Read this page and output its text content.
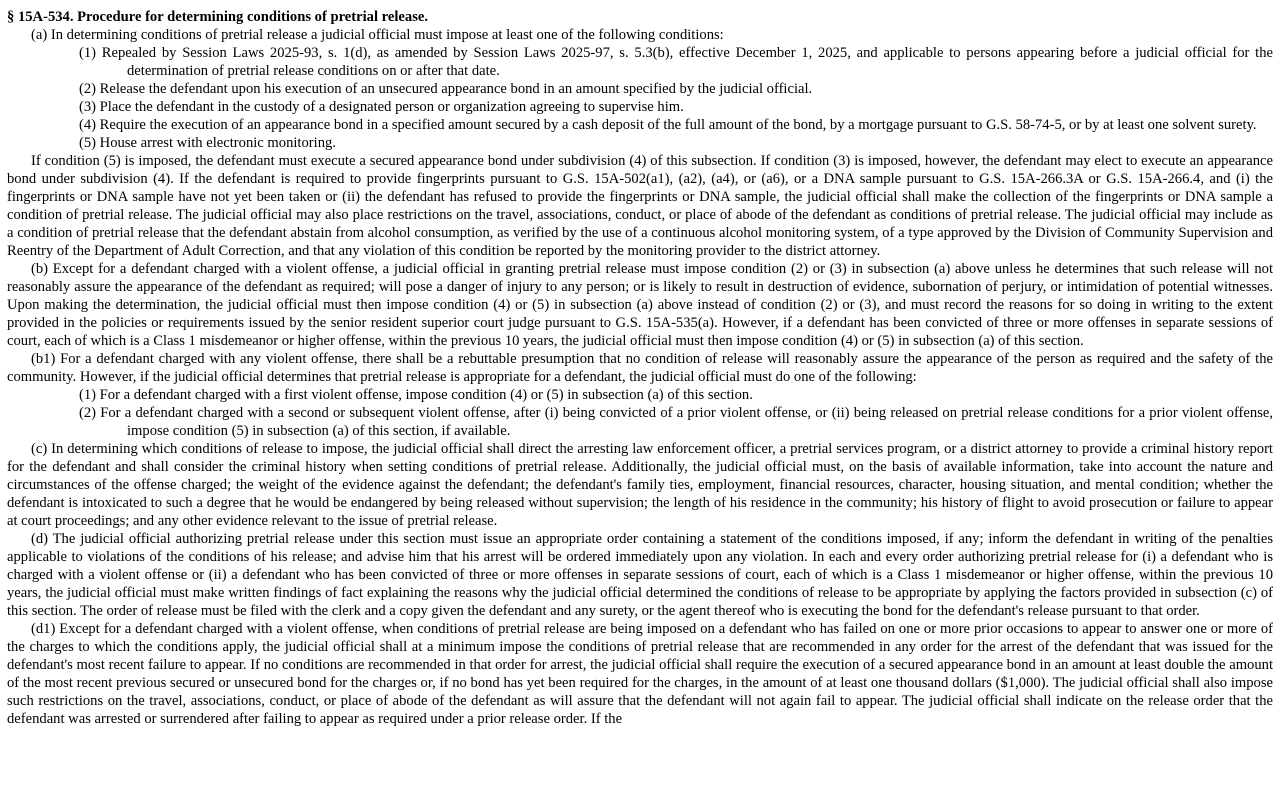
§ 15A-534. Procedure for determining conditions of pretrial release.

(a) In determining conditions of pretrial release a judicial official must impose at least one of the following conditions:

(1) Repealed by Session Laws 2025-93, s. 1(d), as amended by Session Laws 2025-97, s. 5.3(b), effective December 1, 2025, and applicable to persons appearing before a judicial official for the determination of pretrial release conditions on or after that date.

(2) Release the defendant upon his execution of an unsecured appearance bond in an amount specified by the judicial official.

(3) Place the defendant in the custody of a designated person or organization agreeing to supervise him.

(4) Require the execution of an appearance bond in a specified amount secured by a cash deposit of the full amount of the bond, by a mortgage pursuant to G.S. 58-74-5, or by at least one solvent surety.

(5) House arrest with electronic monitoring.

If condition (5) is imposed, the defendant must execute a secured appearance bond under subdivision (4) of this subsection. If condition (3) is imposed, however, the defendant may elect to execute an appearance bond under subdivision (4). If the defendant is required to provide fingerprints pursuant to G.S. 15A-502(a1), (a2), (a4), or (a6), or a DNA sample pursuant to G.S. 15A-266.3A or G.S. 15A-266.4, and (i) the fingerprints or DNA sample have not yet been taken or (ii) the defendant has refused to provide the fingerprints or DNA sample, the judicial official shall make the collection of the fingerprints or DNA sample a condition of pretrial release. The judicial official may also place restrictions on the travel, associations, conduct, or place of abode of the defendant as conditions of pretrial release. The judicial official may include as a condition of pretrial release that the defendant abstain from alcohol consumption, as verified by the use of a continuous alcohol monitoring system, of a type approved by the Division of Community Supervision and Reentry of the Department of Adult Correction, and that any violation of this condition be reported by the monitoring provider to the district attorney.

(b) Except for a defendant charged with a violent offense, a judicial official in granting pretrial release must impose condition (2) or (3) in subsection (a) above unless he determines that such release will not reasonably assure the appearance of the defendant as required; will pose a danger of injury to any person; or is likely to result in destruction of evidence, subornation of perjury, or intimidation of potential witnesses. Upon making the determination, the judicial official must then impose condition (4) or (5) in subsection (a) above instead of condition (2) or (3), and must record the reasons for so doing in writing to the extent provided in the policies or requirements issued by the senior resident superior court judge pursuant to G.S. 15A-535(a). However, if a defendant has been convicted of three or more offenses in separate sessions of court, each of which is a Class 1 misdemeanor or higher offense, within the previous 10 years, the judicial official must then impose condition (4) or (5) in subsection (a) of this section.

(b1) For a defendant charged with any violent offense, there shall be a rebuttable presumption that no condition of release will reasonably assure the appearance of the person as required and the safety of the community. However, if the judicial official determines that pretrial release is appropriate for a defendant, the judicial official must do one of the following:

(1) For a defendant charged with a first violent offense, impose condition (4) or (5) in subsection (a) of this section.

(2) For a defendant charged with a second or subsequent violent offense, after (i) being convicted of a prior violent offense, or (ii) being released on pretrial release conditions for a prior violent offense, impose condition (5) in subsection (a) of this section, if available.

(c) In determining which conditions of release to impose, the judicial official shall direct the arresting law enforcement officer, a pretrial services program, or a district attorney to provide a criminal history report for the defendant and shall consider the criminal history when setting conditions of pretrial release. Additionally, the judicial official must, on the basis of available information, take into account the nature and circumstances of the offense charged; the weight of the evidence against the defendant; the defendant's family ties, employment, financial resources, character, housing situation, and mental condition; whether the defendant is intoxicated to such a degree that he would be endangered by being released without supervision; the length of his residence in the community; his history of flight to avoid prosecution or failure to appear at court proceedings; and any other evidence relevant to the issue of pretrial release.

(d) The judicial official authorizing pretrial release under this section must issue an appropriate order containing a statement of the conditions imposed, if any; inform the defendant in writing of the penalties applicable to violations of the conditions of his release; and advise him that his arrest will be ordered immediately upon any violation. In each and every order authorizing pretrial release for (i) a defendant who is charged with a violent offense or (ii) a defendant who has been convicted of three or more offenses in separate sessions of court, each of which is a Class 1 misdemeanor or higher offense, within the previous 10 years, the judicial official must make written findings of fact explaining the reasons why the judicial official determined the conditions of release to be appropriate by applying the factors provided in subsection (c) of this section. The order of release must be filed with the clerk and a copy given the defendant and any surety, or the agent thereof who is executing the bond for the defendant's release pursuant to that order.

(d1) Except for a defendant charged with a violent offense, when conditions of pretrial release are being imposed on a defendant who has failed on one or more prior occasions to appear to answer one or more of the charges to which the conditions apply, the judicial official shall at a minimum impose the conditions of pretrial release that are recommended in any order for the arrest of the defendant that was issued for the defendant's most recent failure to appear. If no conditions are recommended in that order for arrest, the judicial official shall require the execution of a secured appearance bond in an amount at least double the amount of the most recent previous secured or unsecured bond for the charges or, if no bond has yet been required for the charges, in the amount of at least one thousand dollars ($1,000). The judicial official shall also impose such restrictions on the travel, associations, conduct, or place of abode of the defendant as will assure that the defendant will not again fail to appear. The judicial official shall indicate on the release order that the defendant was arrested or surrendered after failing to appear as required under a prior release order. If the
